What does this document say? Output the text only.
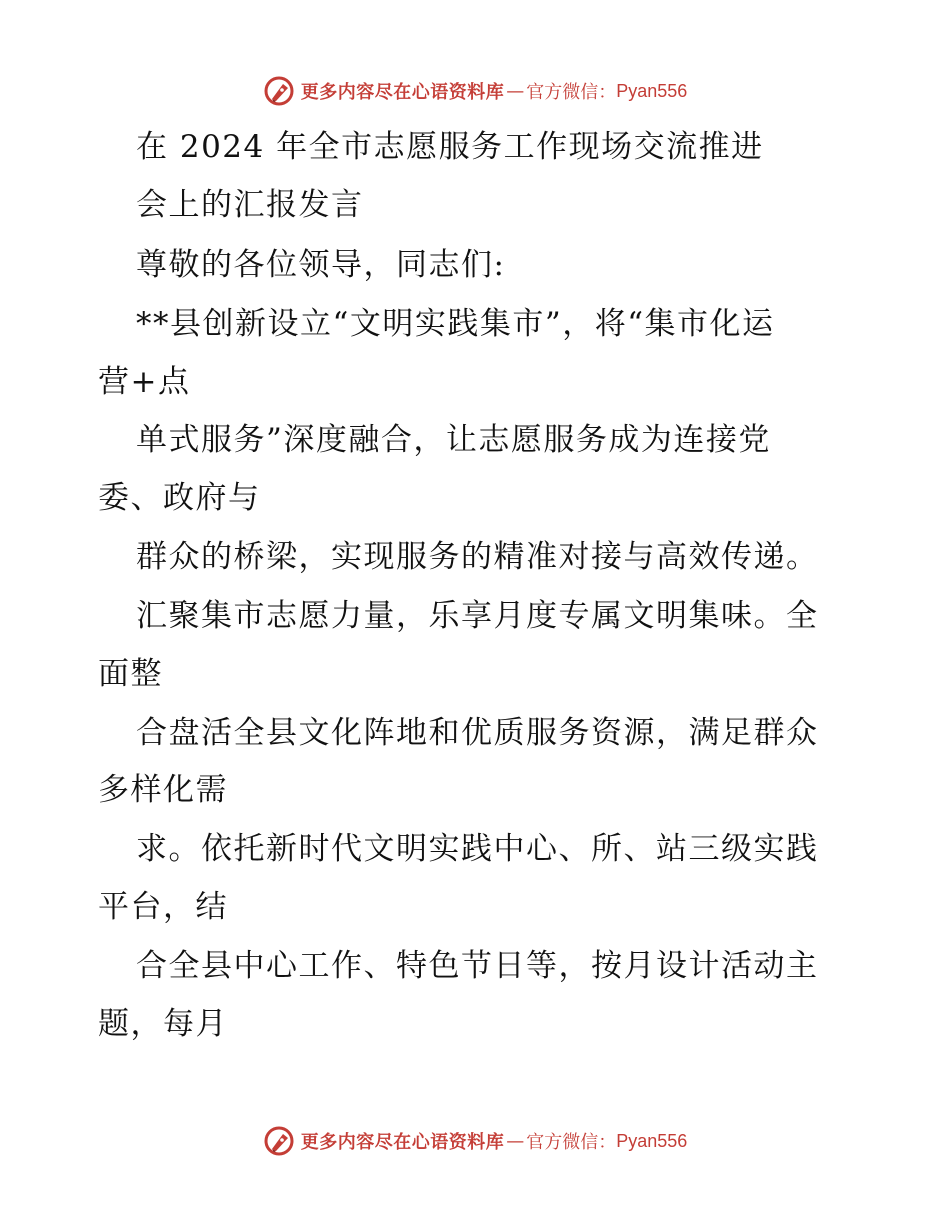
更多内容尽在心语资料库 — 官方微信： Pyan556
在 2024 年全市志愿服务工作现场交流推进
会上的汇报发言
尊敬的各位领导，同志们:
**县创新设立“文明实践集市”，将“集市化运
营+点
单式服务”深度融合，让志愿服务成为连接党
委、政府与
群众的桥梁，实现服务的精准对接与高效传递。
汇聚集市志愿力量，乐享月度专属文明集味。全
面整
合盘活全县文化阵地和优质服务资源，满足群众
多样化需
求。依托新时代文明实践中心、所、站三级实践
平台，结
合全县中心工作、特色节日等，按月设计活动主
题，每月
更多内容尽在心语资料库 — 官方微信： Pyan556
